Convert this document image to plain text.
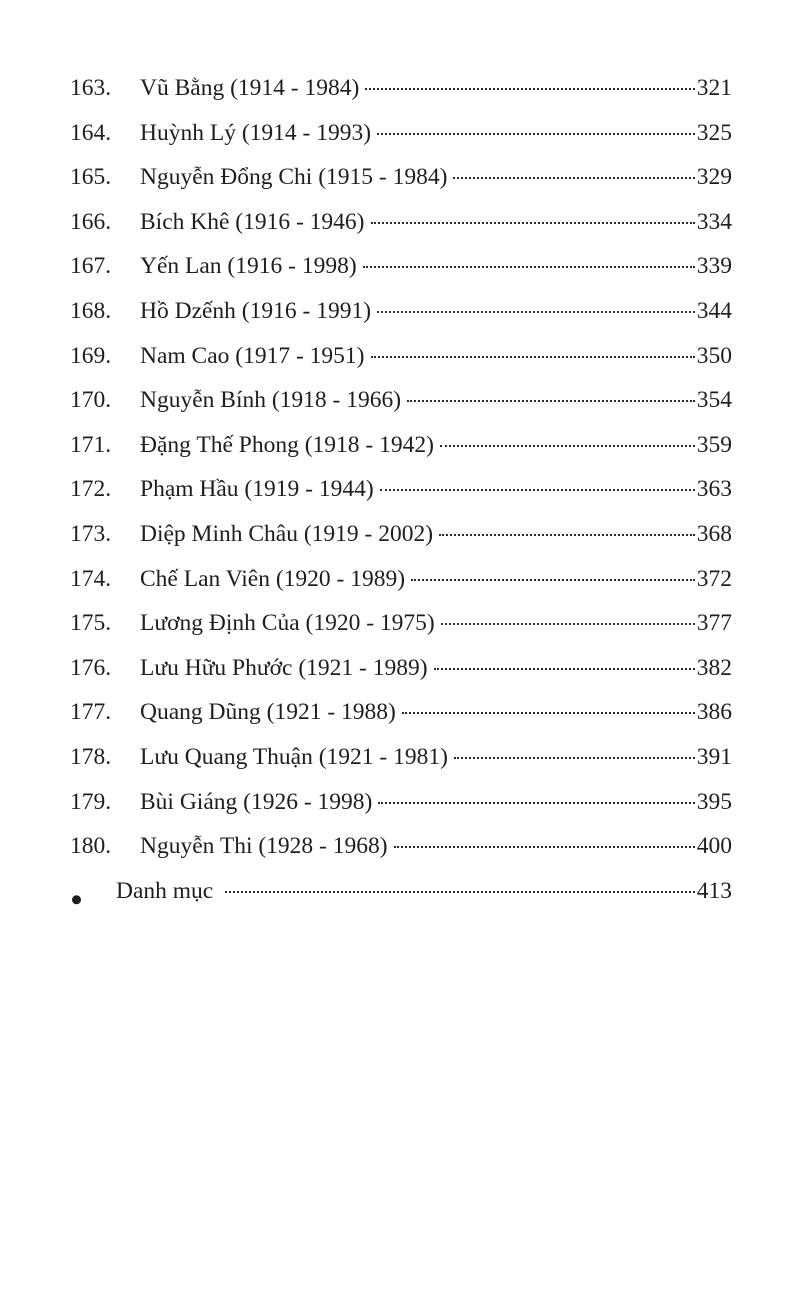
163.	Vũ Bằng (1914 - 1984)	321
164.	Huỳnh Lý (1914 - 1993)	325
165.	Nguyễn Đổng Chi (1915 - 1984)	329
166.	Bích Khê (1916 - 1946)	334
167.	Yến Lan (1916 - 1998)	339
168.	Hồ Dzếnh (1916 - 1991)	344
169.	Nam Cao (1917 - 1951)	350
170.	Nguyễn Bính (1918 - 1966)	354
171.	Đặng Thế Phong (1918 - 1942)	359
172.	Phạm Hầu (1919 - 1944)	363
173.	Diệp Minh Châu (1919 - 2002)	368
174.	Chế Lan Viên (1920 - 1989)	372
175.	Lương Định Của (1920 - 1975)	377
176.	Lưu Hữu Phước (1921 - 1989)	382
177.	Quang Dũng (1921 - 1988)	386
178.	Lưu Quang Thuận (1921 - 1981)	391
179.	Bùi Giáng (1926 - 1998)	395
180.	Nguyễn Thi (1928 - 1968)	400
Danh mục	413
